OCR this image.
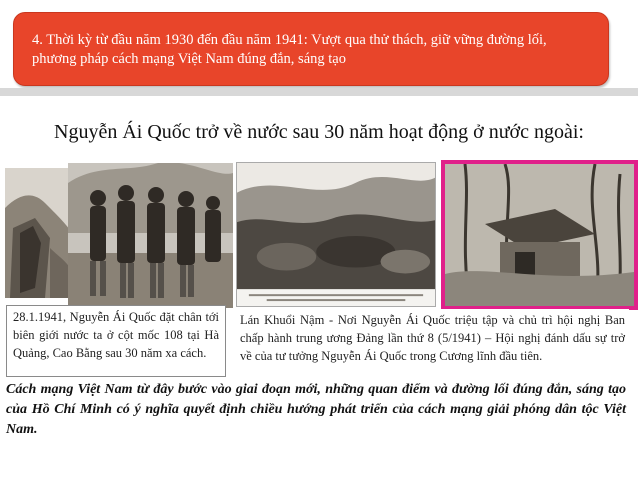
4. Thời kỳ từ đầu năm 1930 đến đầu năm 1941: Vượt qua thử thách, giữ vững đường lối, phương pháp cách mạng Việt Nam đúng đắn, sáng tạo
Nguyễn Ái Quốc trở về nước sau 30 năm hoạt động ở nước ngoài:
28.1.1941, Nguyễn Ái Quốc đặt chân tới biên giới nước ta ở cột mốc 108 tại Hà Quảng, Cao Bằng sau 30 năm xa cách.
Lán Khuổi Nậm - Nơi Nguyễn Ái Quốc triệu tập và chủ trì hội nghị Ban chấp hành trung ương Đảng lần thứ 8 (5/1941) – Hội nghị đánh dấu sự trở về của tư tưởng Nguyễn Ái Quốc trong Cương lĩnh đầu tiên.
Cách mạng Việt Nam từ đây bước vào giai đoạn mới, những quan điểm và đường lối đúng đắn, sáng tạo của Hồ Chí Minh có ý nghĩa quyết định chiều hướng phát triển của cách mạng giải phóng dân tộc Việt Nam.
